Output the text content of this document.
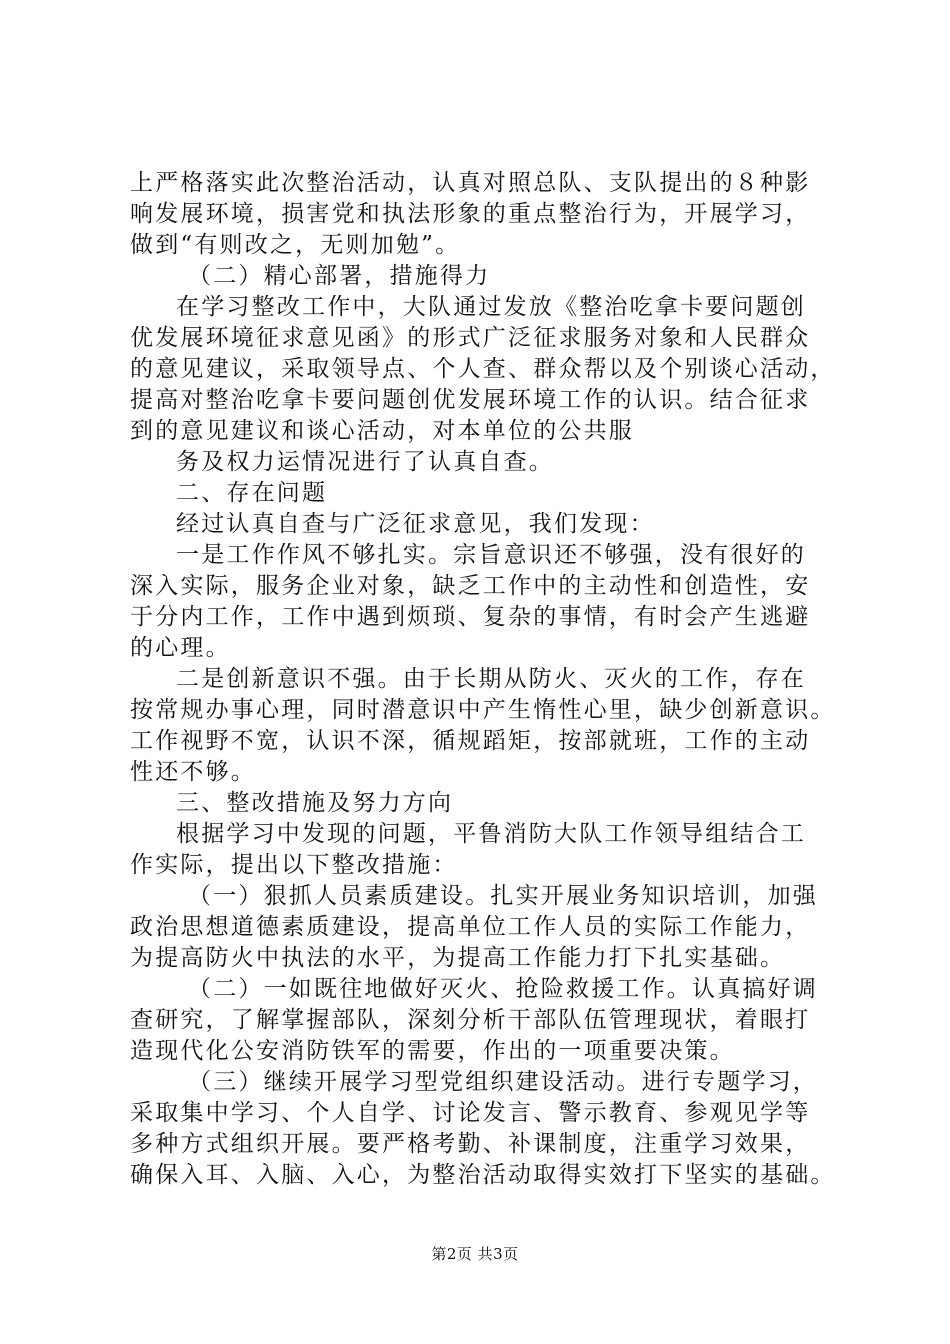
上严格落实此次整治活动，认真对照总队、支队提出的８种影
响发展环境，损害党和执法形象的重点整治行为，开展学习，
做到“有则改之，无则加勉”。
（二）精心部署，措施得力
在学习整改工作中，大队通过发放《整治吃拿卡要问题创
优发展环境征求意见函》的形式广泛征求服务对象和人民群众
的意见建议，采取领导点、个人查、群众帮以及个别谈心活动，
提高对整治吃拿卡要问题创优发展环境工作的认识。结合征求
到的意见建议和谈心活动，对本单位的公共服
务及权力运情况进行了认真自查。
二、存在问题
经过认真自查与广泛征求意见，我们发现：
一是工作作风不够扎实。宗旨意识还不够强，没有很好的
深入实际，服务企业对象，缺乏工作中的主动性和创造性，安
于分内工作，工作中遇到烦琐、复杂的事情，有时会产生逃避
的心理。
二是创新意识不强。由于长期从防火、灭火的工作，存在
按常规办事心理，同时潜意识中产生惰性心里，缺少创新意识。
工作视野不宽，认识不深，循规蹈矩，按部就班，工作的主动
性还不够。
三、整改措施及努力方向
根据学习中发现的问题，平鲁消防大队工作领导组结合工
作实际，提出以下整改措施：
（一）狠抓人员素质建设。扎实开展业务知识培训，加强
政治思想道德素质建设，提高单位工作人员的实际工作能力，
为提高防火中执法的水平，为提高工作能力打下扎实基础。
（二）一如既往地做好灭火、抢险救援工作。认真搞好调
查研究，了解掌握部队，深刻分析干部队伍管理现状，着眼打
造现代化公安消防铁军的需要，作出的一项重要决策。
（三）继续开展学习型党组织建设活动。进行专题学习，
采取集中学习、个人自学、讨论发言、警示教育、参观见学等
多种方式组织开展。要严格考勤、补课制度，注重学习效果，
确保入耳、入脑、入心，为整治活动取得实效打下坚实的基础。
第2页 共3页
